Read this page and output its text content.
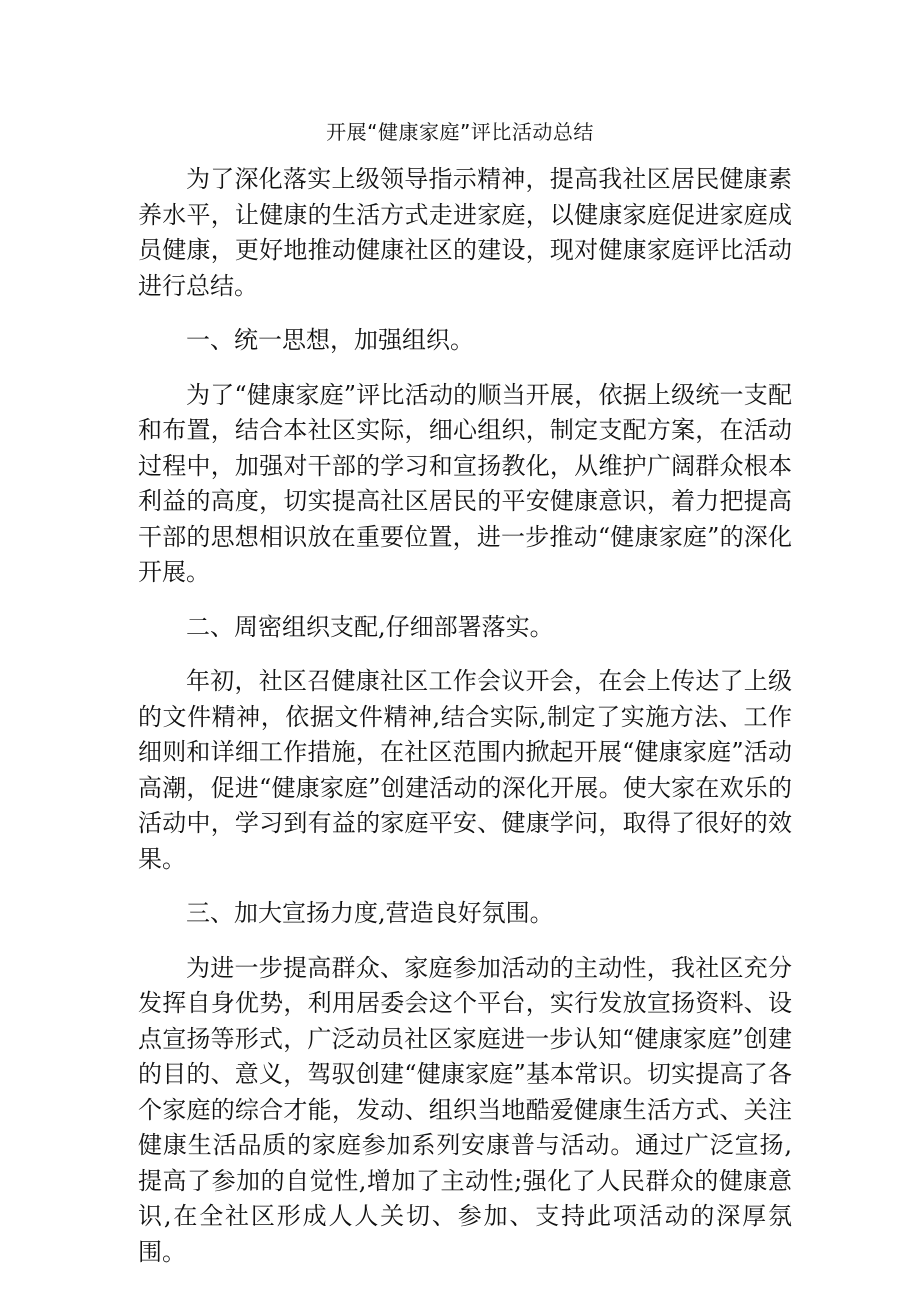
开展“健康家庭”评比活动总结

为了深化落实上级领导指示精神，提高我社区居民健康素养水平，让健康的生活方式走进家庭，以健康家庭促进家庭成员健康，更好地推动健康社区的建设，现对健康家庭评比活动进行总结。

一、统一思想，加强组织。

为了“健康家庭”评比活动的顺当开展，依据上级统一支配和布置，结合本社区实际，细心组织，制定支配方案，在活动过程中，加强对干部的学习和宣扬教化，从维护广阔群众根本利益的高度，切实提高社区居民的平安健康意识，着力把提高干部的思想相识放在重要位置，进一步推动“健康家庭”的深化开展。

二、周密组织支配,仔细部署落实。

年初，社区召健康社区工作会议开会，在会上传达了上级的文件精神，依据文件精神,结合实际,制定了实施方法、工作细则和详细工作措施，在社区范围内掀起开展“健康家庭”活动高潮，促进“健康家庭”创建活动的深化开展。使大家在欢乐的活动中，学习到有益的家庭平安、健康学问，取得了很好的效果。

三、加大宣扬力度,营造良好氛围。

为进一步提高群众、家庭参加活动的主动性，我社区充分发挥自身优势，利用居委会这个平台，实行发放宣扬资料、设点宣扬等形式，广泛动员社区家庭进一步认知“健康家庭”创建的目的、意义，驾驭创建“健康家庭”基本常识。切实提高了各个家庭的综合才能，发动、组织当地酷爱健康生活方式、关注健康生活品质的家庭参加系列安康普与活动。通过广泛宣扬,提高了参加的自觉性,增加了主动性;强化了人民群众的健康意识,在全社区形成人人关切、参加、支持此项活动的深厚氛围。
